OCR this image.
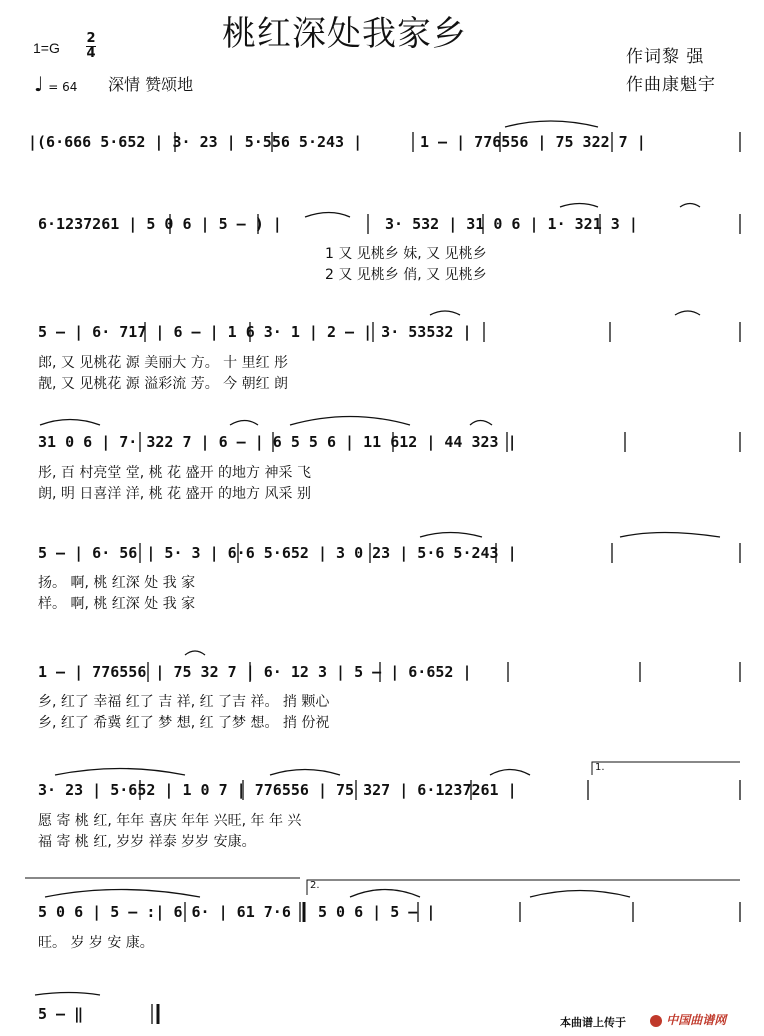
桃红深处我家乡
1=G
2
4
♩ = 64 深情 赞颂地
作词黎 强
作曲康魁宇
1.
2.
|(6·666 5·652 | 3· 23 | 5·556 5·243 |	1 — | 776556 | 75 322 7 |
6·1237261 | 5 0 6 | 5 — ) |	3· 532 | 31 0 6 | 1· 321 3 |
1 又 见桃乡 妹, 又 见桃乡
2 又 见桃乡 俏, 又 见桃乡
5 — | 6· 717 | 6 — | 1 6 3· 1 | 2 — | 3· 53532 |
郎, 又 见桃花 源 美丽大 方。 十 里红 彤
靓, 又 见桃花 源 溢彩流 芳。 今 朝红 朗
31 0 6 | 7· 322 7 | 6 — | 6 5 5 6 | 11 612 | 44 323 |
彤, 百 村亮堂 堂, 桃 花 盛开 的地方 神采 飞
朗, 明 日喜洋 洋, 桃 花 盛开 的地方 风采 别
5 — | 6· 56 | 5· 3 | 6·6 5·652 | 3 0 23 | 5·6 5·243 |
扬。 啊, 桃 红深 处 我 家
样。 啊, 桃 红深 处 我 家
1 — | 776556 | 75 32 7 | 6· 12 3 | 5 — | 6·652 |
乡, 红了 幸福 红了 吉 祥, 红 了吉 祥。 捎 颗心
乡, 红了 希冀 红了 梦 想, 红 了梦 想。 捎 份祝
3· 23 | 5·652 | 1 0 7 | 776556 | 75 327 | 6·1237261 |
愿 寄 桃 红, 年年 喜庆 年年 兴旺, 年 年 兴
福 寄 桃 红, 岁岁 祥泰 岁岁 安康。
5 0 6 | 5 — :| 6 6· | 61 7·6 | 5 0 6 | 5 — |
旺。 岁 岁 安 康。
5 — ‖	本曲谱上传于	中国曲谱网
